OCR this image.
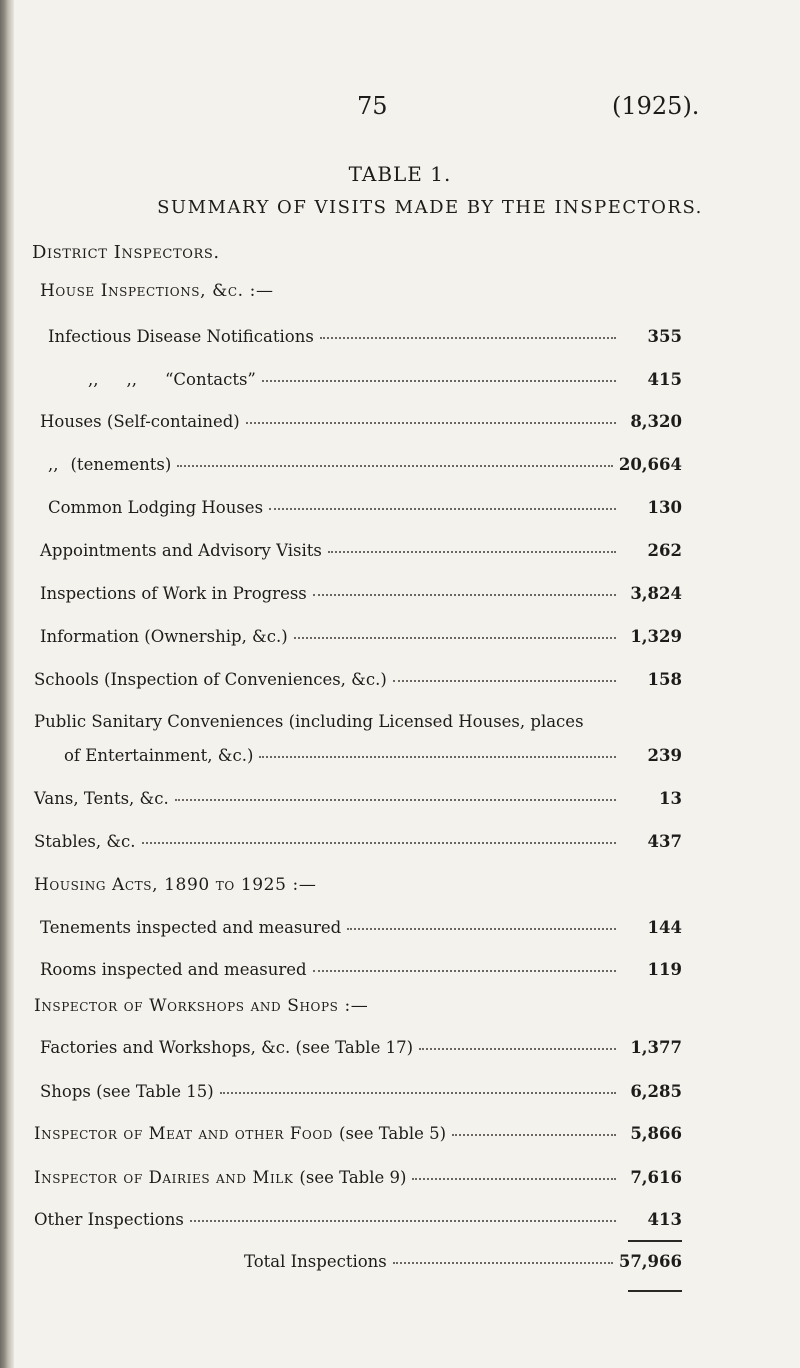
75	(1925).
TABLE 1.
SUMMARY OF VISITS MADE BY THE INSPECTORS.
District Inspectors.
House Inspections, &c. :—
Infectious Disease Notifications	355
,, ,, “Contacts”	415
Houses (Self-contained)	8,320
,, (tenements)	20,664
Common Lodging Houses	130
Appointments and Advisory Visits	262
Inspections of Work in Progress	3,824
Information (Ownership, &c.)	1,329
Schools (Inspection of Conveniences, &c.)	158
Public Sanitary Conveniences (including Licensed Houses, places
of Entertainment, &c.)	239
Vans, Tents, &c.	13
Stables, &c.	437
Housing Acts, 1890 to 1925 :—
Tenements inspected and measured	144
Rooms inspected and measured	119
Inspector of Workshops and Shops :—
Factories and Workshops, &c. (see Table 17)	1,377
Shops (see Table 15)	6,285
Inspector of Meat and other Food (see Table 5)	5,866
Inspector of Dairies and Milk (see Table 9)	7,616
Other Inspections	413
Total Inspections	57,966
